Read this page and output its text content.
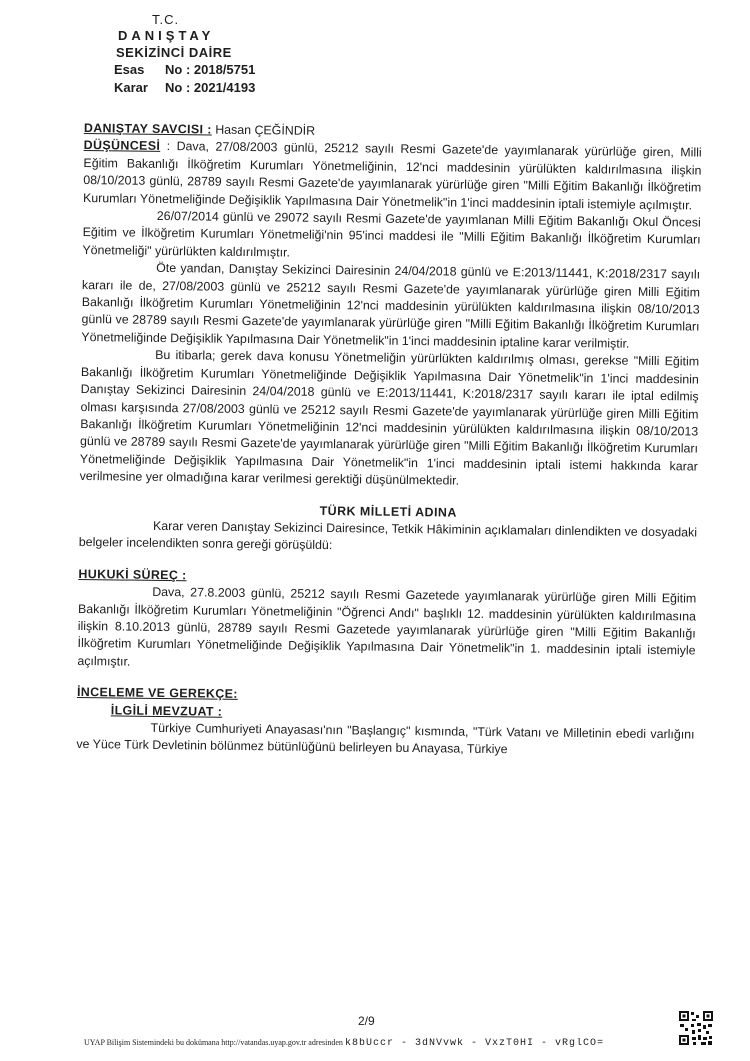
T.C.
DANIŞTAY
SEKİZİNCİ DAİRE
Esas No : 2018/5751
Karar No : 2021/4193

DANIŞTAY SAVCISI : Hasan ÇEĞİNDİR

DÜŞÜNCESİ : Dava, 27/08/2003 günlü, 25212 sayılı Resmi Gazete'de yayımlanarak yürürlüğe giren, Milli Eğitim Bakanlığı İlköğretim Kurumları Yönetmeliğinin, 12'nci maddesinin yürülükten kaldırılmasına ilişkin 08/10/2013 günlü, 28789 sayılı Resmi Gazete'de yayımlanarak yürürlüğe giren "Milli Eğitim Bakanlığı İlköğretim Kurumları Yönetmeliğinde Değişiklik Yapılmasına Dair Yönetmelik"in 1'inci maddesinin iptali istemiyle açılmıştır.

26/07/2014 günlü ve 29072 sayılı Resmi Gazete'de yayımlanan Milli Eğitim Bakanlığı Okul Öncesi Eğitim ve İlköğretim Kurumları Yönetmeliği'nin 95'inci maddesi ile "Milli Eğitim Bakanlığı İlköğretim Kurumları Yönetmeliği" yürürlükten kaldırılmıştır.

Öte yandan, Danıştay Sekizinci Dairesinin 24/04/2018 günlü ve E:2013/11441, K:2018/2317 sayılı kararı ile de, 27/08/2003 günlü ve 25212 sayılı Resmi Gazete'de yayımlanarak yürürlüğe giren Milli Eğitim Bakanlığı İlköğretim Kurumları Yönetmeliğinin 12'nci maddesinin yürülükten kaldırılmasına ilişkin 08/10/2013 günlü ve 28789 sayılı Resmi Gazete'de yayımlanarak yürürlüğe giren "Milli Eğitim Bakanlığı İlköğretim Kurumları Yönetmeliğinde Değişiklik Yapılmasına Dair Yönetmelik"in 1'inci maddesinin iptaline karar verilmiştir.

Bu itibarla; gerek dava konusu Yönetmeliğin yürürlükten kaldırılmış olması, gerekse "Milli Eğitim Bakanlığı İlköğretim Kurumları Yönetmeliğinde Değişiklik Yapılmasına Dair Yönetmelik"in 1'inci maddesinin Danıştay Sekizinci Dairesinin 24/04/2018 günlü ve E:2013/11441, K:2018/2317 sayılı kararı ile iptal edilmiş olması karşısında 27/08/2003 günlü ve 25212 sayılı Resmi Gazete'de yayımlanarak yürürlüğe giren Milli Eğitim Bakanlığı İlköğretim Kurumları Yönetmeliğinin 12'nci maddesinin yürülükten kaldırılmasına ilişkin 08/10/2013 günlü ve 28789 sayılı Resmi Gazete'de yayımlanarak yürürlüğe giren "Milli Eğitim Bakanlığı İlköğretim Kurumları Yönetmeliğinde Değişiklik Yapılmasına Dair Yönetmelik"in 1'inci maddesinin iptali istemi hakkında karar verilmesine yer olmadığına karar verilmesi gerektiği düşünülmektedir.

TÜRK MİLLETİ ADINA

Karar veren Danıştay Sekizinci Dairesince, Tetkik Hâkiminin açıklamaları dinlendikten ve dosyadaki belgeler incelendikten sonra gereği görüşüldü:

HUKUKİ SÜREÇ :

Dava, 27.8.2003 günlü, 25212 sayılı Resmi Gazetede yayımlanarak yürürlüğe giren Milli Eğitim Bakanlığı İlköğretim Kurumları Yönetmeliğinin "Öğrenci Andı" başlıklı 12. maddesinin yürülükten kaldırılmasına ilişkin 8.10.2013 günlü, 28789 sayılı Resmi Gazetede yayımlanarak yürürlüğe giren "Milli Eğitim Bakanlığı İlköğretim Kurumları Yönetmeliğinde Değişiklik Yapılmasına Dair Yönetmelik"in 1. maddesinin iptali istemiyle açılmıştır.

İNCELEME VE GEREKÇE:

İLGİLİ MEVZUAT :

Türkiye Cumhuriyeti Anayasası'nın "Başlangıç" kısmında, "Türk Vatanı ve Milletinin ebedi varlığını ve Yüce Türk Devletinin bölünmez bütünlüğünü belirleyen bu Anayasa, Türkiye

2/9
UYAP Bilişim Sistemindeki bu dokümana http://vatandas.uyap.gov.tr adresinden k8bUccr - 3dNVvwk - VxzT0HI - vRglCO=
